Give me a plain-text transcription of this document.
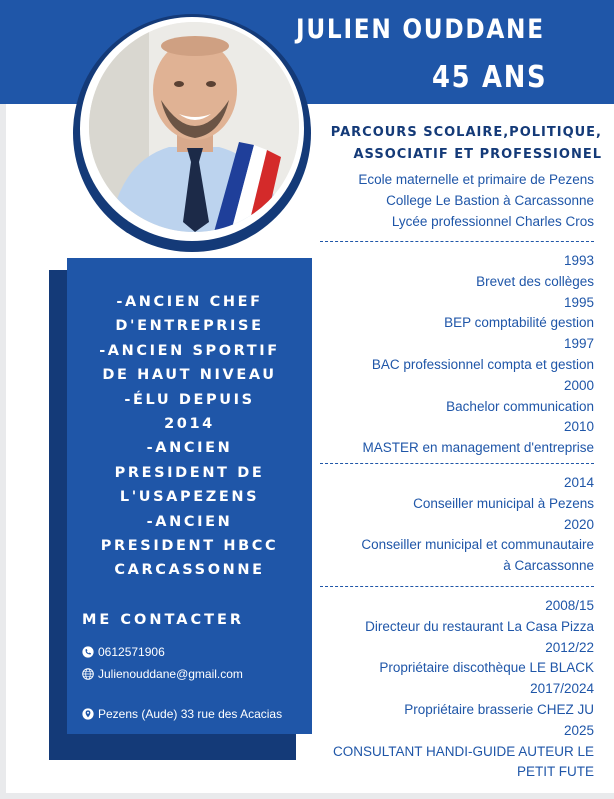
JULIEN OUDDANE
45 ANS
-ANCIEN CHEF
D'ENTREPRISE
-ANCIEN SPORTIF
DE HAUT NIVEAU
-ÉLU DEPUIS
2014
-ANCIEN
PRESIDENT DE
L'USAPEZENS
-ANCIEN
PRESIDENT HBCC
CARCASSONNE
ME CONTACTER
0612571906
Julienouddane@gmail.com
Pezens (Aude) 33 rue des Acacias
PARCOURS SCOLAIRE,POLITIQUE,
ASSOCIATIF ET PROFESSIONEL
Ecole maternelle et primaire de Pezens
College Le Bastion à Carcassonne
Lycée professionnel Charles Cros
1993
Brevet des collèges
1995
BEP comptabilité gestion
1997
BAC professionnel compta et gestion
2000
Bachelor communication
2010
MASTER en management d'entreprise
2014
Conseiller municipal à Pezens
2020
Conseiller municipal et communautaire
à Carcassonne
2008/15
Directeur du restaurant La Casa Pizza
2012/22
Propriétaire discothèque LE BLACK
2017/2024
Propriétaire brasserie CHEZ JU
2025
CONSULTANT HANDI-GUIDE AUTEUR LE
PETIT FUTE
